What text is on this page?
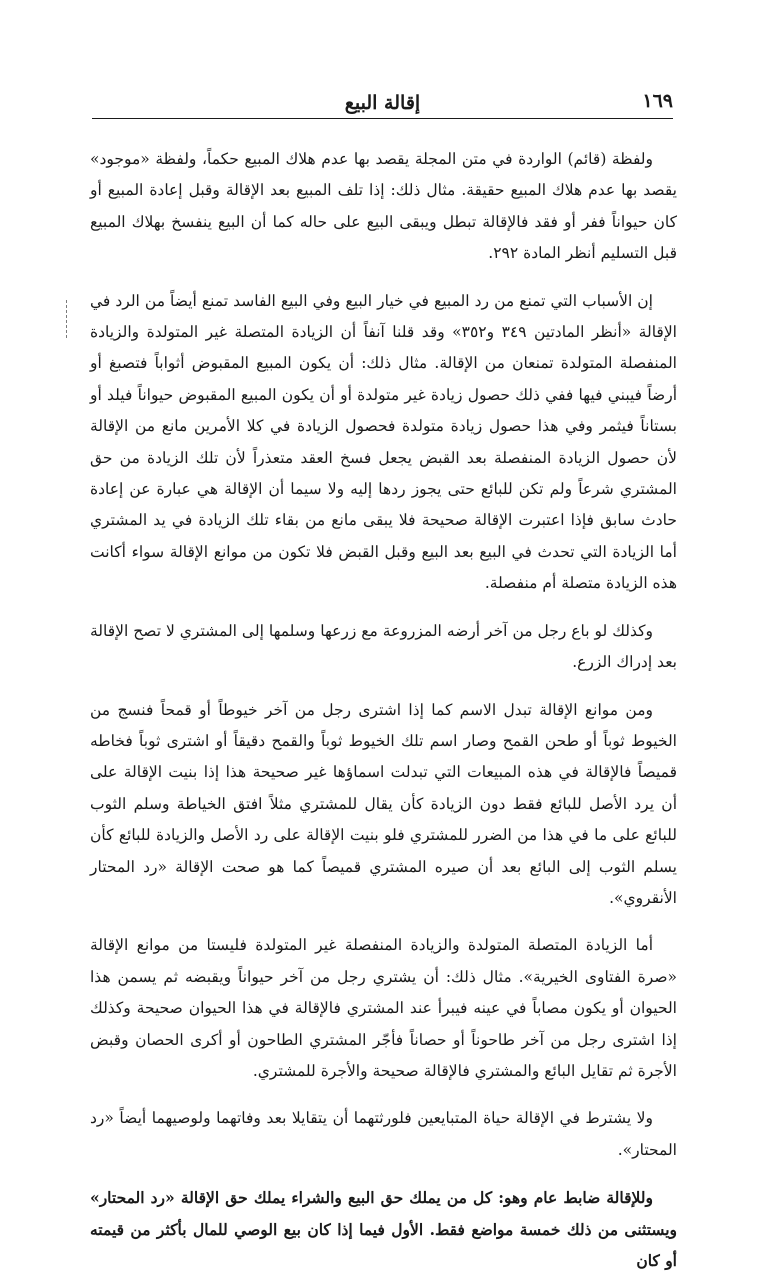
١٦٩
إقالة البيع

ولفظة (قائم) الواردة في متن المجلة يقصد بها عدم هلاك المبيع حكماً، ولفظة «موجود» يقصد بها عدم هلاك المبيع حقيقة. مثال ذلك: إذا تلف المبيع بعد الإقالة وقبل إعادة المبيع أو كان حيواناً ففر أو فقد فالإقالة تبطل ويبقى البيع على حاله كما أن البيع ينفسخ بهلاك المبيع قبل التسليم أنظر المادة ٢٩٢.

إن الأسباب التي تمنع من رد المبيع في خيار البيع وفي البيع الفاسد تمنع أيضاً من الرد في الإقالة «أنظر المادتين ٣٤٩ و٣٥٢» وقد قلنا آنفاً أن الزيادة المتصلة غير المتولدة والزيادة المنفصلة المتولدة تمنعان من الإقالة. مثال ذلك: أن يكون المبيع المقبوض أثواباً فتصبغ أو أرضاً فيبني فيها ففي ذلك حصول زيادة غير متولدة أو أن يكون المبيع المقبوض حيواناً فيلد أو بستاناً فيثمر وفي هذا حصول زيادة متولدة فحصول الزيادة في كلا الأمرين مانع من الإقالة لأن حصول الزيادة المنفصلة بعد القبض يجعل فسخ العقد متعذراً لأن تلك الزيادة من حق المشتري شرعاً ولم تكن للبائع حتى يجوز ردها إليه ولا سيما أن الإقالة هي عبارة عن إعادة حادث سابق فإذا اعتبرت الإقالة صحيحة فلا يبقى مانع من بقاء تلك الزيادة في يد المشتري أما الزيادة التي تحدث في البيع بعد البيع وقبل القبض فلا تكون من موانع الإقالة سواء أكانت هذه الزيادة متصلة أم منفصلة.

وكذلك لو باع رجل من آخر أرضه المزروعة مع زرعها وسلمها إلى المشتري لا تصح الإقالة بعد إدراك الزرع.

ومن موانع الإقالة تبدل الاسم كما إذا اشترى رجل من آخر خيوطاً أو قمحاً فنسج من الخيوط ثوباً أو طحن القمح وصار اسم تلك الخيوط ثوباً والقمح دقيقاً أو اشترى ثوباً فخاطه قميصاً فالإقالة في هذه المبيعات التي تبدلت اسماؤها غير صحيحة هذا إذا بنيت الإقالة على أن يرد الأصل للبائع فقط دون الزيادة كأن يقال للمشتري مثلاً افتق الخياطة وسلم الثوب للبائع على ما في هذا من الضرر للمشتري فلو بنيت الإقالة على رد الأصل والزيادة للبائع كأن يسلم الثوب إلى البائع بعد أن صيره المشتري قميصاً كما هو صحت الإقالة «رد المحتار الأنقروي».

أما الزيادة المتصلة المتولدة والزيادة المنفصلة غير المتولدة فليستا من موانع الإقالة «صرة الفتاوى الخيرية». مثال ذلك: أن يشتري رجل من آخر حيواناً ويقبضه ثم يسمن هذا الحيوان أو يكون مصاباً في عينه فيبرأ عند المشتري فالإقالة في هذا الحيوان صحيحة وكذلك إذا اشترى رجل من آخر طاحوناً أو حصاناً فأجّر المشتري الطاحون أو أكرى الحصان وقبض الأجرة ثم تقايل البائع والمشتري فالإقالة صحيحة والأجرة للمشتري.

ولا يشترط في الإقالة حياة المتبايعين فلورثتهما أن يتقايلا بعد وفاتهما ولوصيهما أيضاً «رد المحتار».

وللإقالة ضابط عام وهو: كل من يملك حق البيع والشراء يملك حق الإقالة «رد المحتار» ويستثنى من ذلك خمسة مواضع فقط. الأول فيما إذا كان بيع الوصي للمال بأكثر من قيمته أو كان
